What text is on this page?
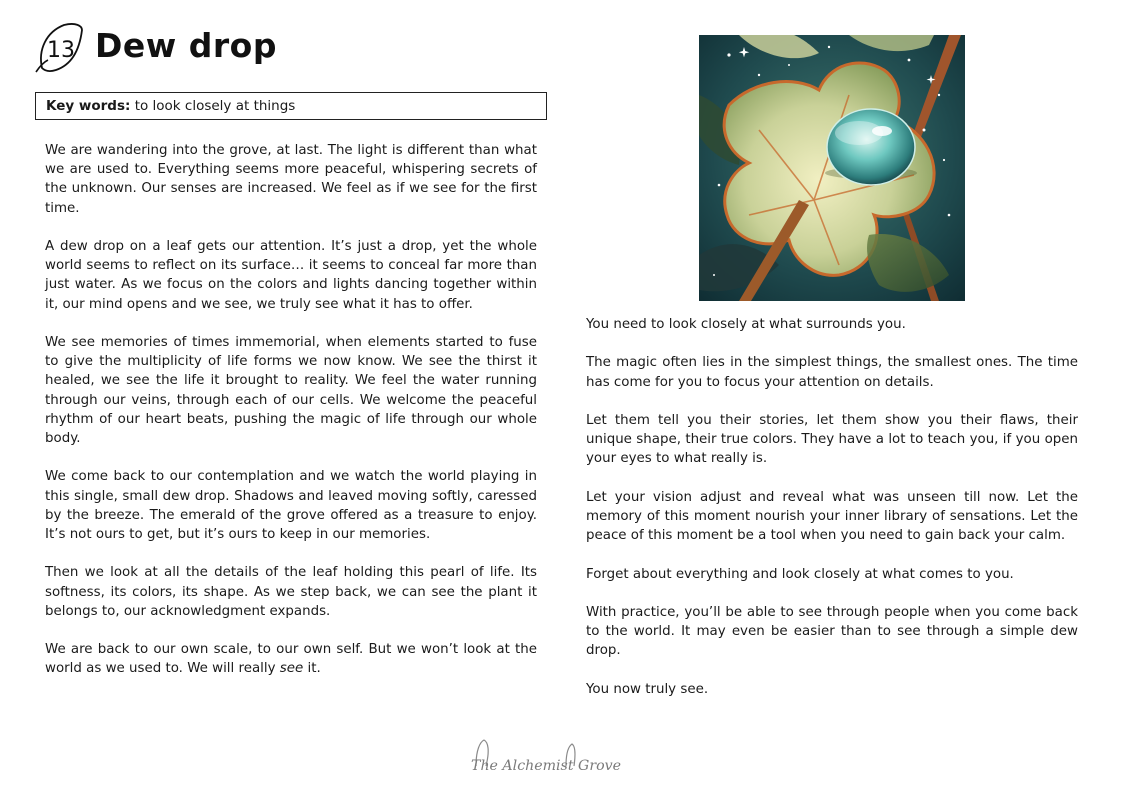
13 Dew drop
Key words: to look closely at things

We are wandering into the grove, at last. The light is different than what we are used to. Everything seems more peaceful, whispering secrets of the unknown. Our senses are increased. We feel as if we see for the first time.

A dew drop on a leaf gets our attention. It’s just a drop, yet the whole world seems to reflect on its surface… it seems to conceal far more than just water. As we focus on the colors and lights dancing together within it, our mind opens and we see, we truly see what it has to offer.

We see memories of times immemorial, when elements started to fuse to give the multiplicity of life forms we now know. We see the thirst it healed, we see the life it brought to reality. We feel the water running through our veins, through each of our cells. We welcome the peaceful rhythm of our heart beats, pushing the magic of life through our whole body.

We come back to our contemplation and we watch the world playing in this single, small dew drop. Shadows and leaved moving softly, caressed by the breeze. The emerald of the grove offered as a treasure to enjoy. It’s not ours to get, but it’s ours to keep in our memories.

Then we look at all the details of the leaf holding this pearl of life. Its softness, its colors, its shape. As we step back, we can see the plant it belongs to, our acknowledgment expands.

We are back to our own scale, to our own self. But we won’t look at the world as we used to. We will really see it.

You need to look closely at what surrounds you.

The magic often lies in the simplest things, the smallest ones. The time has come for you to focus your attention on details.

Let them tell you their stories, let them show you their flaws, their unique shape, their true colors. They have a lot to teach you, if you open your eyes to what really is.

Let your vision adjust and reveal what was unseen till now. Let the memory of this moment nourish your inner library of sensations. Let the peace of this moment be a tool when you need to gain back your calm.

Forget about everything and look closely at what comes to you.

With practice, you’ll be able to see through people when you come back to the world. It may even be easier than to see through a simple dew drop.

You now truly see.

The Alchemist Grove
